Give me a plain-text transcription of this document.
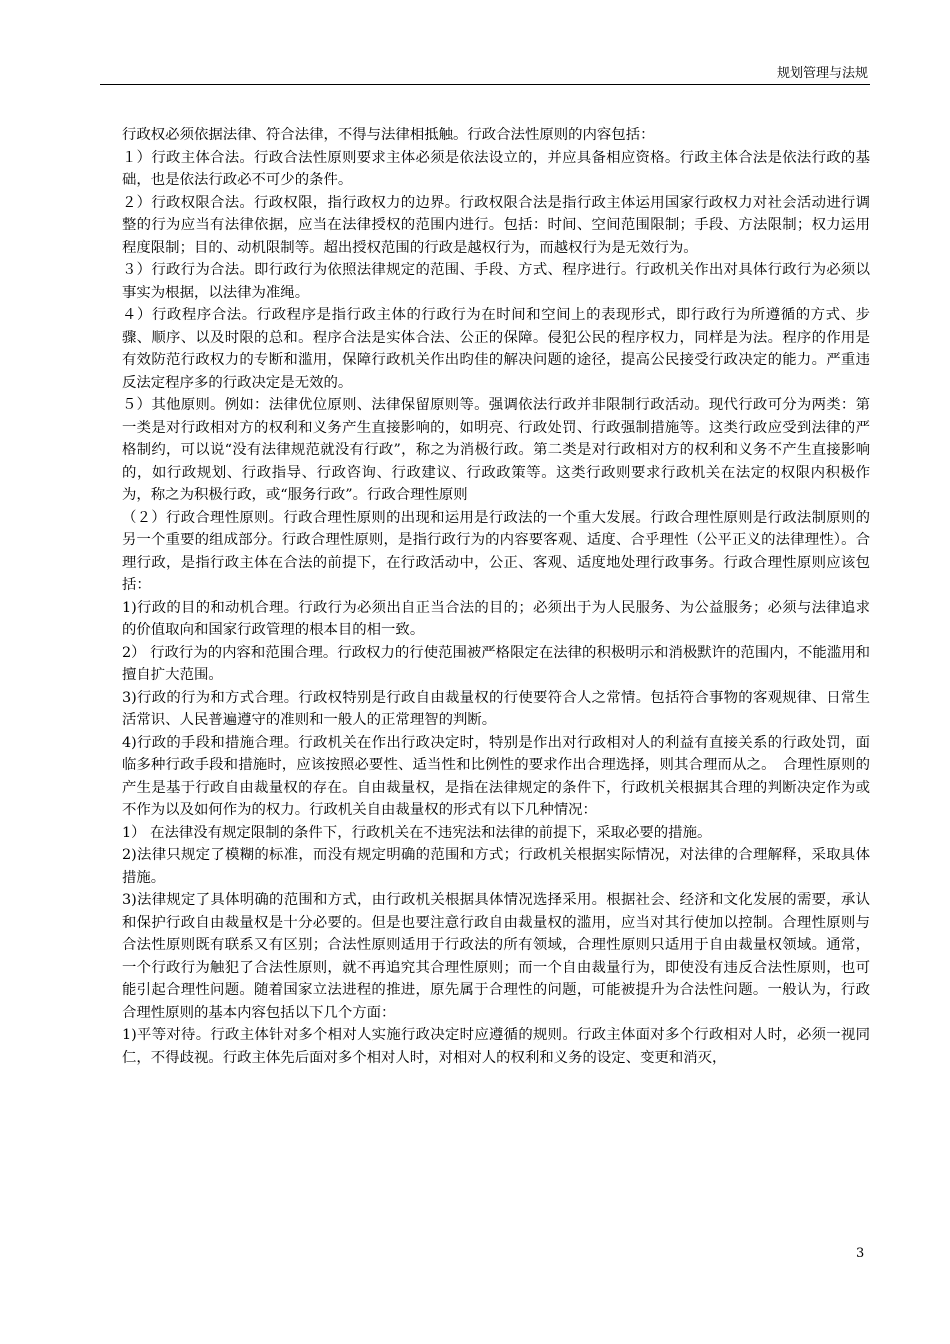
规划管理与法规

行政权必须依据法律、符合法律，不得与法律相抵触。行政合法性原则的内容包括：

１）行政主体合法。行政合法性原则要求主体必须是依法设立的，并应具备相应资格。行政主体合法是依法行政的基础，也是依法行政必不可少的条件。

２）行政权限合法。行政权限，指行政权力的边界。行政权限合法是指行政主体运用国家行政权力对社会活动进行调整的行为应当有法律依据，应当在法律授权的范围内进行。包括：时间、空间范围限制；手段、方法限制；权力运用程度限制；目的、动机限制等。超出授权范围的行政是越权行为，而越权行为是无效行为。

３）行政行为合法。即行政行为依照法律规定的范围、手段、方式、程序进行。行政机关作出对具体行政行为必须以事实为根据，以法律为准绳。

４）行政程序合法。行政程序是指行政主体的行政行为在时间和空间上的表现形式，即行政行为所遵循的方式、步骤、顺序、以及时限的总和。程序合法是实体合法、公正的保障。侵犯公民的程序权力，同样是为法。程序的作用是有效防范行政权力的专断和滥用，保障行政机关作出昀佳的解决问题的途径，提高公民接受行政决定的能力。严重违反法定程序多的行政决定是无效的。

５）其他原则。例如：法律优位原则、法律保留原则等。强调依法行政并非限制行政活动。现代行政可分为两类：第一类是对行政相对方的权利和义务产生直接影响的，如明亮、行政处罚、行政强制措施等。这类行政应受到法律的严格制约，可以说“没有法律规范就没有行政”，称之为消极行政。第二类是对行政相对方的权利和义务不产生直接影响的，如行政规划、行政指导、行政咨询、行政建议、行政政策等。这类行政则要求行政机关在法定的权限内积极作为，称之为积极行政，或“服务行政”。行政合理性原则

（２）行政合理性原则。行政合理性原则的出现和运用是行政法的一个重大发展。行政合理性原则是行政法制原则的另一个重要的组成部分。行政合理性原则，是指行政行为的内容要客观、适度、合乎理性（公平正义的法律理性）。合理行政，是指行政主体在合法的前提下，在行政活动中，公正、客观、适度地处理行政事务。行政合理性原则应该包括：

1)行政的目的和动机合理。行政行为必须出自正当合法的目的；必须出于为人民服务、为公益服务；必须与法律追求的价值取向和国家行政管理的根本目的相一致。

2） 行政行为的内容和范围合理。行政权力的行使范围被严格限定在法律的积极明示和消极默许的范围内，不能滥用和擅自扩大范围。

3)行政的行为和方式合理。行政权特别是行政自由裁量权的行使要符合人之常情。包括符合事物的客观规律、日常生活常识、人民普遍遵守的准则和一般人的正常理智的判断。

4)行政的手段和措施合理。行政机关在作出行政决定时，特别是作出对行政相对人的利益有直接关系的行政处罚，面临多种行政手段和措施时，应该按照必要性、适当性和比例性的要求作出合理选择，则其合理而从之。　合理性原则的产生是基于行政自由裁量权的存在。自由裁量权，是指在法律规定的条件下，行政机关根据其合理的判断决定作为或不作为以及如何作为的权力。行政机关自由裁量权的形式有以下几种情况：

1） 在法律没有规定限制的条件下，行政机关在不违宪法和法律的前提下，采取必要的措施。

2)法律只规定了模糊的标准，而没有规定明确的范围和方式；行政机关根据实际情况，对法律的合理解释，采取具体措施。

3)法律规定了具体明确的范围和方式，由行政机关根据具体情况选择采用。根据社会、经济和文化发展的需要，承认和保护行政自由裁量权是十分必要的。但是也要注意行政自由裁量权的滥用，应当对其行使加以控制。合理性原则与合法性原则既有联系又有区别；合法性原则适用于行政法的所有领域，合理性原则只适用于自由裁量权领域。通常，一个行政行为触犯了合法性原则，就不再追究其合理性原则；而一个自由裁量行为，即使没有违反合法性原则，也可能引起合理性问题。随着国家立法进程的推进，原先属于合理性的问题，可能被提升为合法性问题。一般认为，行政合理性原则的基本内容包括以下几个方面：

1)平等对待。行政主体针对多个相对人实施行政决定时应遵循的规则。行政主体面对多个行政相对人时，必须一视同仁，不得歧视。行政主体先后面对多个相对人时，对相对人的权利和义务的设定、变更和消灭，

3
